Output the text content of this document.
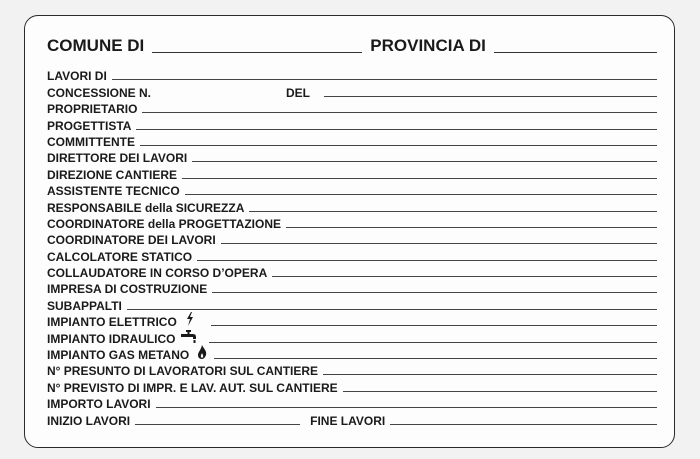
COMUNE DI	PROVINCIA DI
LAVORI DI
CONCESSIONE N.	DEL
PROPRIETARIO
PROGETTISTA
COMMITTENTE
DIRETTORE DEI LAVORI
DIREZIONE CANTIERE
ASSISTENTE TECNICO
RESPONSABILE della SICUREZZA
COORDINATORE della PROGETTAZIONE
COORDINATORE DEI LAVORI
CALCOLATORE STATICO
COLLAUDATORE IN CORSO D’OPERA
IMPRESA DI COSTRUZIONE
SUBAPPALTI
IMPIANTO ELETTRICO
IMPIANTO IDRAULICO
IMPIANTO GAS METANO
N° PRESUNTO DI LAVORATORI SUL CANTIERE
N° PREVISTO DI IMPR. E LAV. AUT. SUL CANTIERE
IMPORTO LAVORI
INIZIO LAVORI	FINE LAVORI
